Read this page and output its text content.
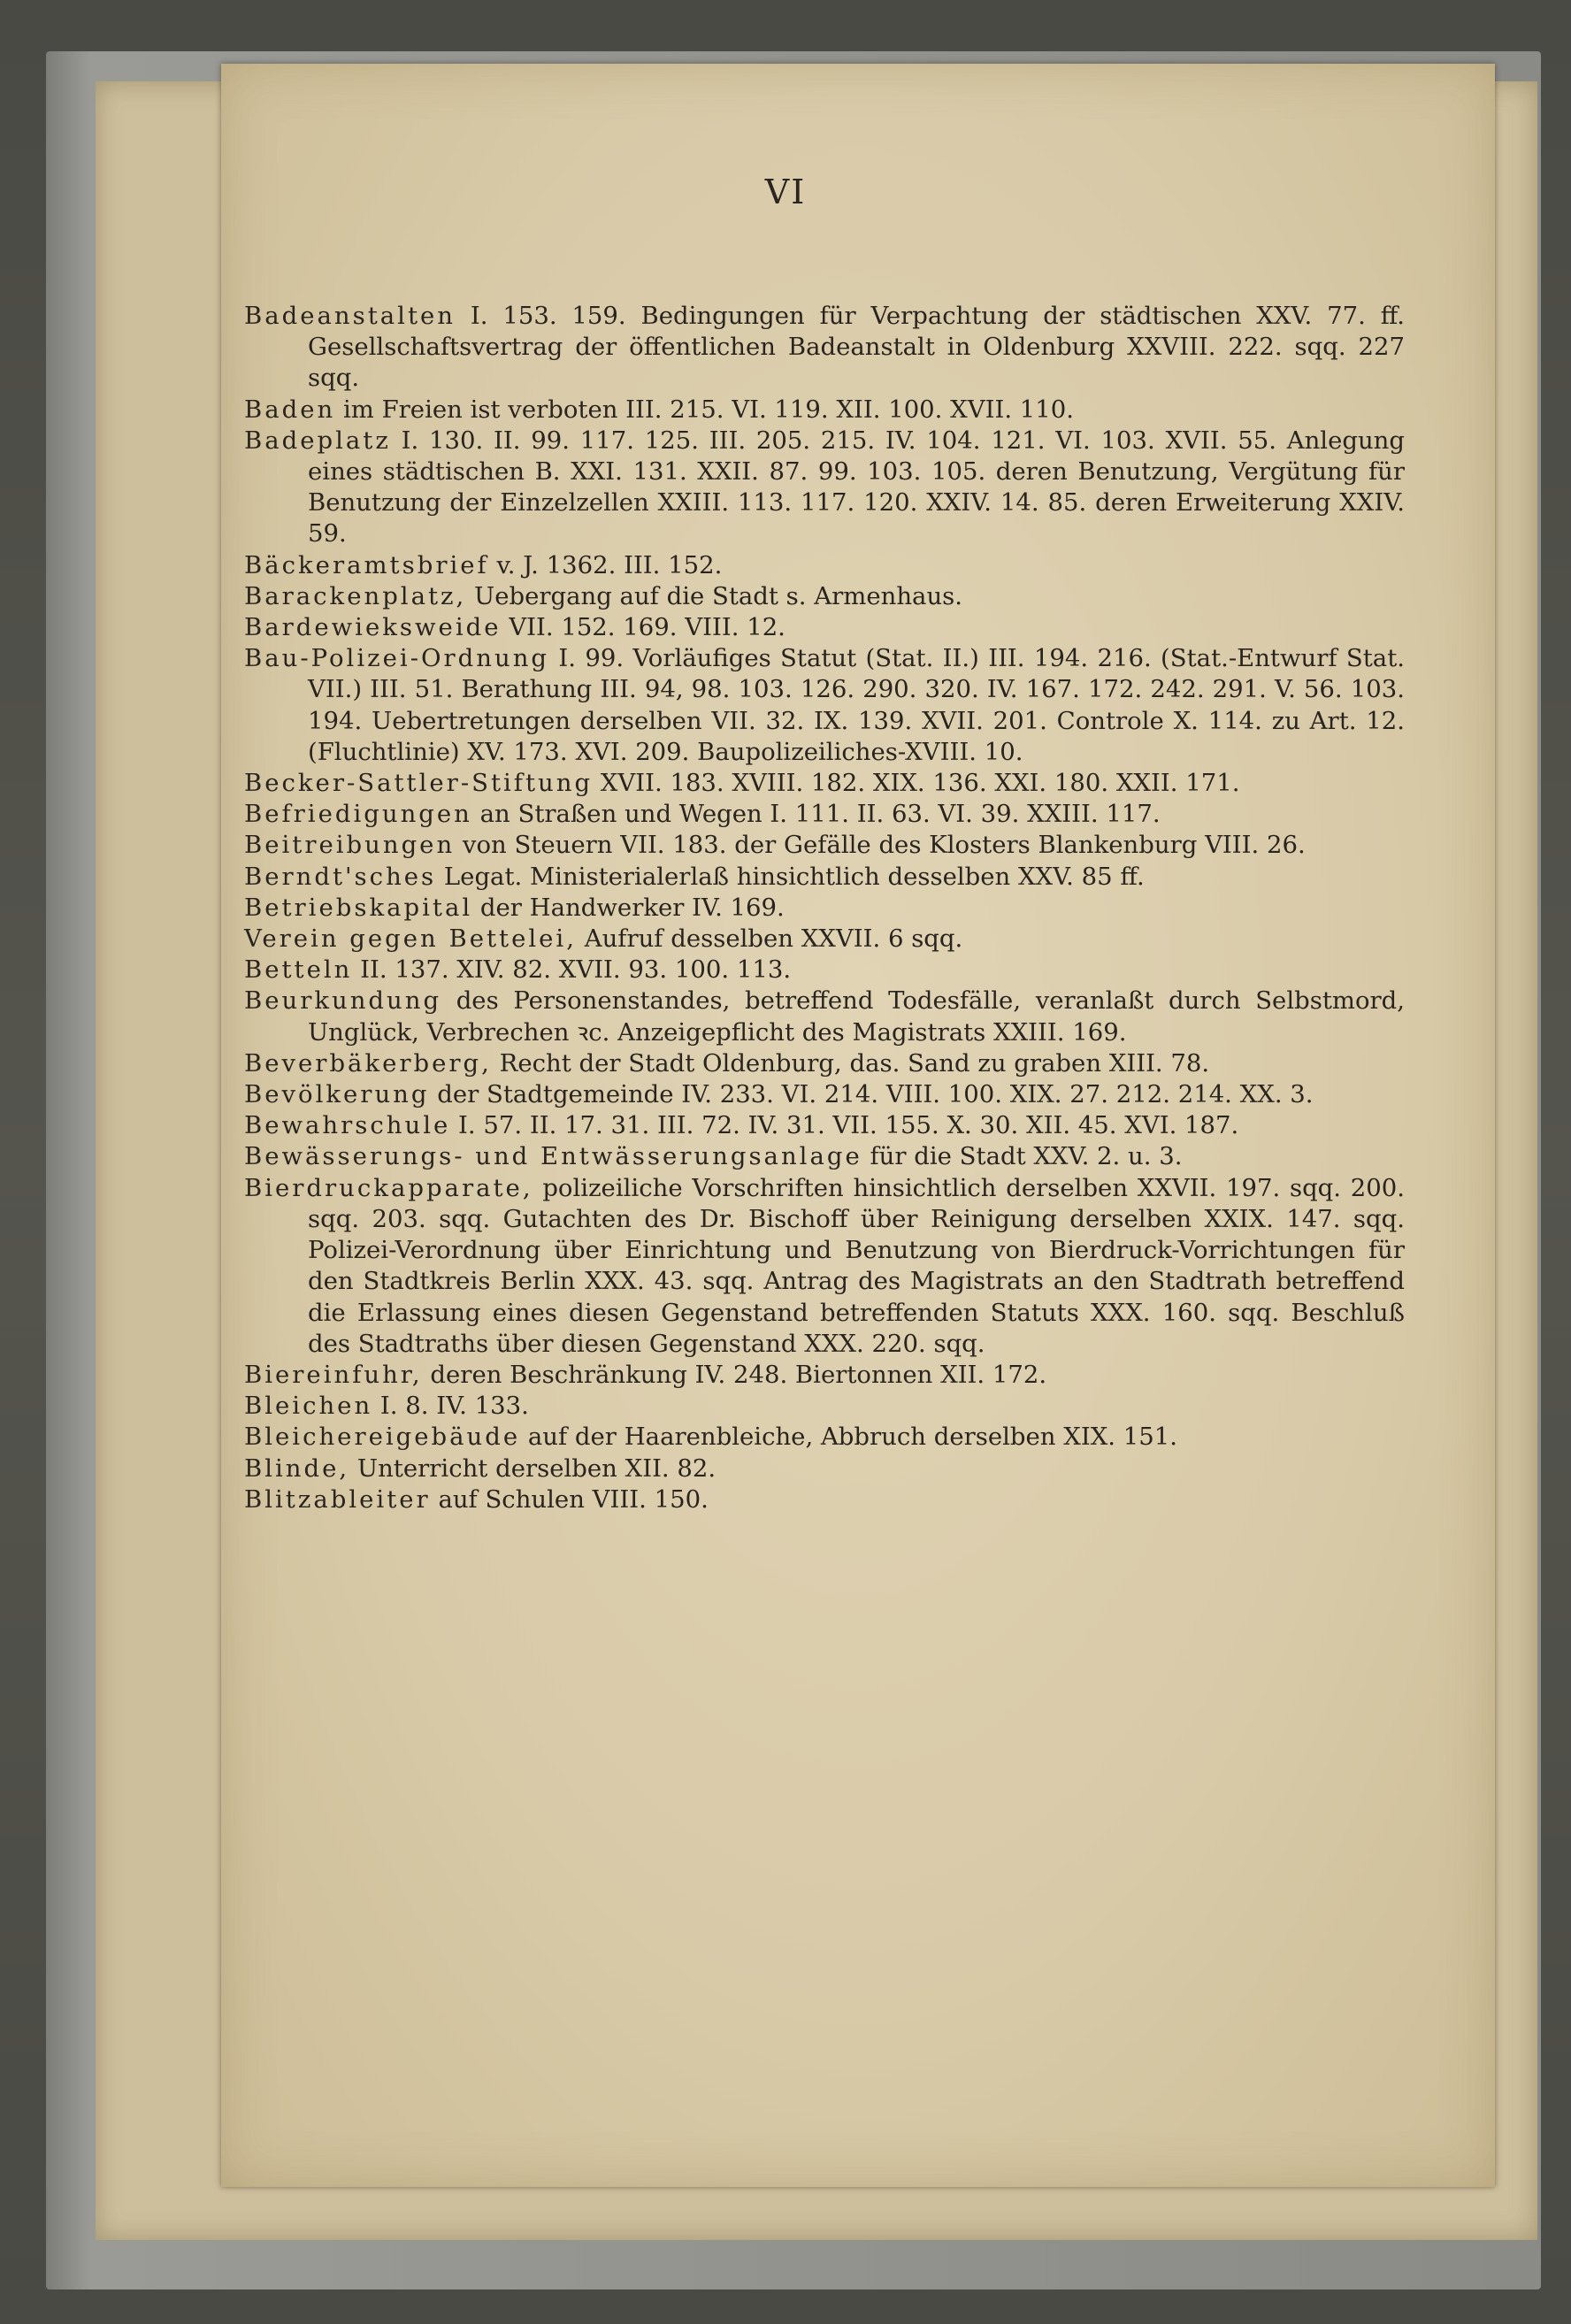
VI

Badeanstalten I. 153. 159. Bedingungen für Verpachtung der städtischen XXV. 77. ff. Gesellschaftsvertrag der öffentlichen Badeanstalt in Oldenburg XXVIII. 222. sqq. 227 sqq.

Baden im Freien ist verboten III. 215. VI. 119. XII. 100. XVII. 110.

Badeplatz I. 130. II. 99. 117. 125. III. 205. 215. IV. 104. 121. VI. 103. XVII. 55. Anlegung eines städtischen B. XXI. 131. XXII. 87. 99. 103. 105. deren Benutzung, Vergütung für Benutzung der Einzelzellen XXIII. 113. 117. 120. XXIV. 14. 85. deren Erweiterung XXIV. 59.

Bäckeramtsbrief v. J. 1362. III. 152.

Barackenplatz, Uebergang auf die Stadt s. Armenhaus.

Bardewieksweide VII. 152. 169. VIII. 12.

Bau-Polizei-Ordnung I. 99. Vorläufiges Statut (Stat. II.) III. 194. 216. (Stat.-Entwurf Stat. VII.) III. 51. Berathung III. 94, 98. 103. 126. 290. 320. IV. 167. 172. 242. 291. V. 56. 103. 194. Uebertretungen derselben VII. 32. IX. 139. XVII. 201. Controle X. 114. zu Art. 12. (Fluchtlinie) XV. 173. XVI. 209. Baupolizeiliches-XVIII. 10.

Becker-Sattler-Stiftung XVII. 183. XVIII. 182. XIX. 136. XXI. 180. XXII. 171.

Befriedigungen an Straßen und Wegen I. 111. II. 63. VI. 39. XXIII. 117.

Beitreibungen von Steuern VII. 183. der Gefälle des Klosters Blankenburg VIII. 26.

Berndt'sches Legat. Ministerialerlaß hinsichtlich desselben XXV. 85 ff.

Betriebskapital der Handwerker IV. 169.

Verein gegen Bettelei, Aufruf desselben XXVII. 6 sqq.

Betteln II. 137. XIV. 82. XVII. 93. 100. 113.

Beurkundung des Personenstandes, betreffend Todesfälle, veranlaßt durch Selbstmord, Unglück, Verbrechen ꝛc. Anzeigepflicht des Magistrats XXIII. 169.

Beverbäkerberg, Recht der Stadt Oldenburg, das. Sand zu graben XIII. 78.

Bevölkerung der Stadtgemeinde IV. 233. VI. 214. VIII. 100. XIX. 27. 212. 214. XX. 3.

Bewahrschule I. 57. II. 17. 31. III. 72. IV. 31. VII. 155. X. 30. XII. 45. XVI. 187.

Bewässerungs- und Entwässerungsanlage für die Stadt XXV. 2. u. 3.

Bierdruckapparate, polizeiliche Vorschriften hinsichtlich derselben XXVII. 197. sqq. 200. sqq. 203. sqq. Gutachten des Dr. Bischoff über Reinigung derselben XXIX. 147. sqq. Polizei-Verordnung über Einrichtung und Benutzung von Bierdruck-Vorrichtungen für den Stadtkreis Berlin XXX. 43. sqq. Antrag des Magistrats an den Stadtrath betreffend die Erlassung eines diesen Gegenstand betreffenden Statuts XXX. 160. sqq. Beschluß des Stadtraths über diesen Gegenstand XXX. 220. sqq.

Biereinfuhr, deren Beschränkung IV. 248. Biertonnen XII. 172.

Bleichen I. 8. IV. 133.

Bleichereigebäude auf der Haarenbleiche, Abbruch derselben XIX. 151.

Blinde, Unterricht derselben XII. 82.

Blitzableiter auf Schulen VIII. 150.
